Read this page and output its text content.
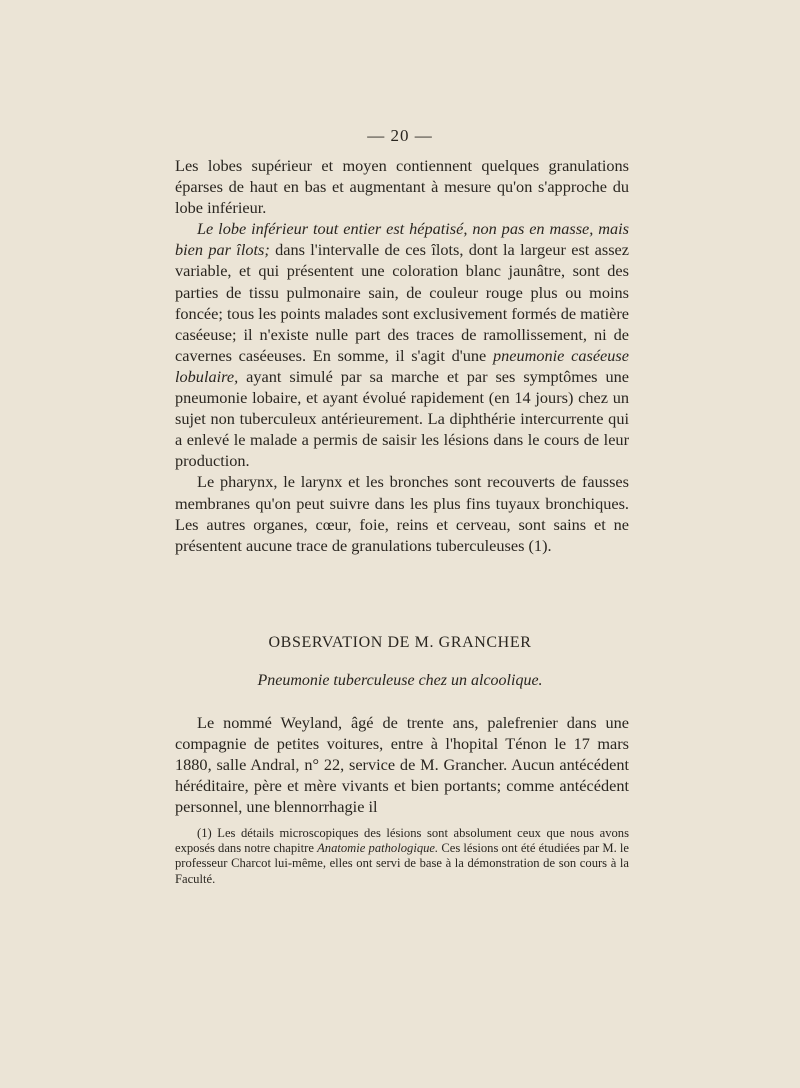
— 20 —

Les lobes supérieur et moyen contiennent quelques granulations éparses de haut en bas et augmentant à mesure qu'on s'approche du lobe inférieur.

Le lobe inférieur tout entier est hépatisé, non pas en masse, mais bien par îlots; dans l'intervalle de ces îlots, dont la largeur est assez variable, et qui présentent une coloration blanc jaunâtre, sont des parties de tissu pulmonaire sain, de couleur rouge plus ou moins foncée; tous les points malades sont exclusivement formés de matière caséeuse; il n'existe nulle part des traces de ramollissement, ni de cavernes caséeuses. En somme, il s'agit d'une pneumonie caséeuse lobulaire, ayant simulé par sa marche et par ses symptômes une pneumonie lobaire, et ayant évolué rapidement (en 14 jours) chez un sujet non tuberculeux antérieurement. La diphthérie intercurrente qui a enlevé le malade a permis de saisir les lésions dans le cours de leur production.

Le pharynx, le larynx et les bronches sont recouverts de fausses membranes qu'on peut suivre dans les plus fins tuyaux bronchiques. Les autres organes, cœur, foie, reins et cerveau, sont sains et ne présentent aucune trace de granulations tuberculeuses (1).

OBSERVATION DE M. GRANCHER
Pneumonie tuberculeuse chez un alcoolique.

Le nommé Weyland, âgé de trente ans, palefrenier dans une compagnie de petites voitures, entre à l'hopital Ténon le 17 mars 1880, salle Andral, n° 22, service de M. Grancher. Aucun antécédent héréditaire, père et mère vivants et bien portants; comme antécédent personnel, une blennorrhagie il

(1) Les détails microscopiques des lésions sont absolument ceux que nous avons exposés dans notre chapitre Anatomie pathologique. Ces lésions ont été étudiées par M. le professeur Charcot lui-même, elles ont servi de base à la démonstration de son cours à la Faculté.
